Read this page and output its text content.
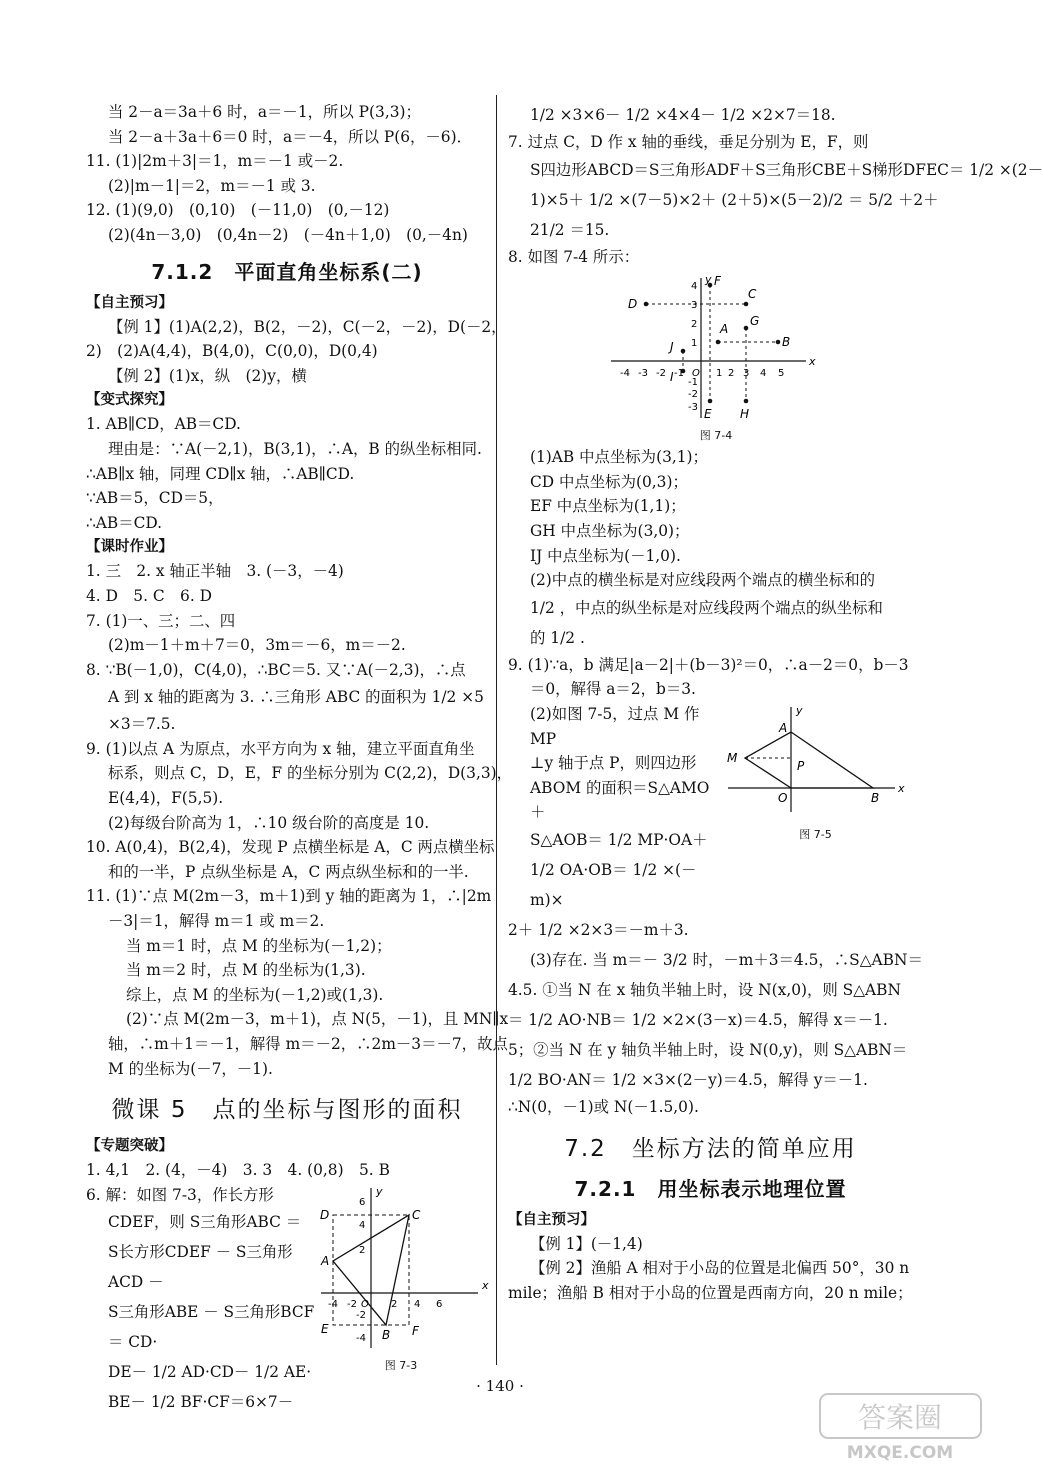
当 2－a＝3a＋6 时，a＝－1，所以 P(3,3)；
当 2－a＋3a＋6＝0 时，a＝－4，所以 P(6，－6)．
11. (1)|2m＋3|＝1，m＝－1 或－2.
(2)|m－1|＝2，m＝－1 或 3.
12. (1)(9,0)　(0,10)　(－11,0)　(0,－12)
(2)(4n－3,0)　(0,4n－2)　(－4n＋1,0)　(0,－4n)
7.1.2　平面直角坐标系(二)
【自主预习】
【例 1】(1)A(2,2)，B(2，－2)，C(－2，－2)，D(－2，
2)　(2)A(4,4)，B(4,0)，C(0,0)，D(0,4)
【例 2】(1)x，纵　(2)y，横
【变式探究】
1. AB∥CD，AB＝CD.
理由是：∵A(－2,1)，B(3,1)，∴A，B 的纵坐标相同.
∴AB∥x 轴，同理 CD∥x 轴，∴AB∥CD.
∵AB＝5，CD＝5，
∴AB＝CD.
【课时作业】
1. 三　2. x 轴正半轴　3. (－3，－4)
4. D　5. C　6. D
7. (1)一、三；二、四
(2)m－1＋m＋7＝0，3m＝－6，m＝－2.
8. ∵B(－1,0)，C(4,0)，∴BC＝5. 又∵A(－2,3)，∴点
A 到 x 轴的距离为 3. ∴三角形 ABC 的面积为 1/2 ×5
×3＝7.5.
9. (1)以点 A 为原点，水平方向为 x 轴，建立平面直角坐
标系，则点 C，D，E，F 的坐标分别为 C(2,2)，D(3,3)，
E(4,4)，F(5,5).
(2)每级台阶高为 1，∴10 级台阶的高度是 10.
10. A(0,4)，B(2,4)，发现 P 点横坐标是 A，C 两点横坐标
和的一半，P 点纵坐标是 A，C 两点纵坐标和的一半.
11. (1)∵点 M(2m－3，m＋1)到 y 轴的距离为 1，∴|2m
－3|＝1，解得 m＝1 或 m＝2.
当 m＝1 时，点 M 的坐标为(－1,2)；
当 m＝2 时，点 M 的坐标为(1,3).
综上，点 M 的坐标为(－1,2)或(1,3).
(2)∵点 M(2m－3，m＋1)，点 N(5，－1)，且 MN∥x
轴，∴m＋1＝－1，解得 m＝－2，∴2m－3＝－7，故点
M 的坐标为(－7，－1).
微课 5　点的坐标与图形的面积
【专题突破】
1. 4,1　2. (4，－4)　3. 3　4. (0,8)　5. B
6. 解：如图 7-3，作长方形
CDEF，则 S三角形ABC ＝
S长方形CDEF － S三角形ACD －
S三角形ABE － S三角形BCF ＝ CD·
DE－ 1/2 AD·CD－ 1/2 AE·
BE－ 1/2 BF·CF＝6×7－
x
y
-4 -2 O 2 4 6
6
4
2
-2
-4
A
B
C
D
E	F
图 7-3
1/2 ×3×6－ 1/2 ×4×4－ 1/2 ×2×7＝18.
7. 过点 C，D 作 x 轴的垂线，垂足分别为 E，F，则
S四边形ABCD＝S三角形ADF＋S三角形CBE＋S梯形DFEC＝ 1/2 ×(2－
1)×5＋ 1/2 ×(7－5)×2＋ (2＋5)×(5－2)/2 ＝ 5/2 ＋2＋
21/2 ＝15.
8. 如图 7-4 所示：
x
y
-4 -3 -2 -1 O 1 2 3 4 5
4
3
2
1
-1
-2
-3
A
B
C
D
E
F
G
H
I
J
图 7-4
(1)AB 中点坐标为(3,1)；
CD 中点坐标为(0,3)；
EF 中点坐标为(1,1)；
GH 中点坐标为(3,0)；
IJ 中点坐标为(－1,0).
(2)中点的横坐标是对应线段两个端点的横坐标和的
1/2 ，中点的纵坐标是对应线段两个端点的纵坐标和
的 1/2 .
9. (1)∵a，b 满足|a－2|＋(b－3)²＝0，∴a－2＝0，b－3
＝0，解得 a＝2，b＝3.
(2)如图 7-5，过点 M 作 MP
⊥y 轴于点 P，则四边形
ABOM 的面积＝S△AMO＋
S△AOB＝ 1/2 MP·OA＋
1/2 OA·OB＝ 1/2 ×(－m)×
x
y
A
B
M
O
P
图 7-5
2＋ 1/2 ×2×3＝－m＋3.
(3)存在. 当 m＝－ 3/2 时，－m＋3＝4.5，∴S△ABN＝
4.5. ①当 N 在 x 轴负半轴上时，设 N(x,0)，则 S△ABN
＝ 1/2 AO·NB＝ 1/2 ×2×(3－x)＝4.5，解得 x＝－1.
5；②当 N 在 y 轴负半轴上时，设 N(0,y)，则 S△ABN＝
1/2 BO·AN＝ 1/2 ×3×(2－y)＝4.5，解得 y＝－1.
∴N(0，－1)或 N(－1.5,0).
7.2　坐标方法的简单应用
7.2.1　用坐标表示地理位置
【自主预习】
【例 1】(－1,4)
【例 2】渔船 A 相对于小岛的位置是北偏西 50°，30 n
mile；渔船 B 相对于小岛的位置是西南方向，20 n mile；
· 140 ·
答案圈
MXQE.COM
